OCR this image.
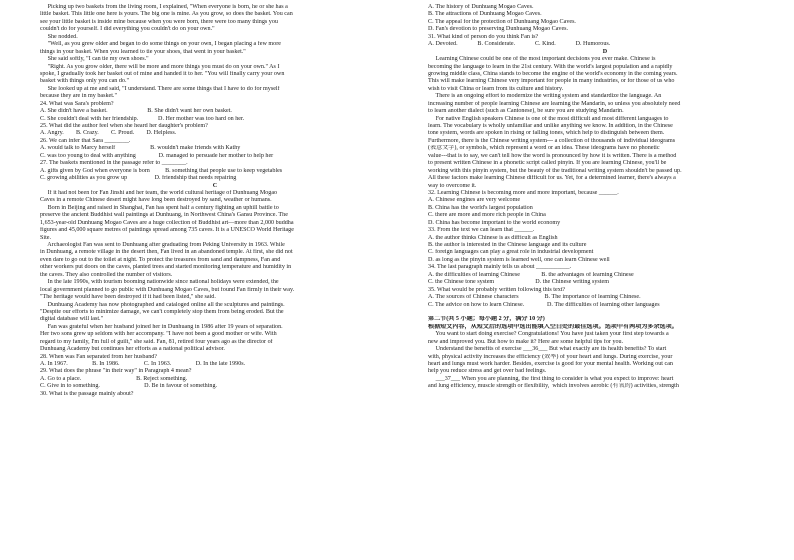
Picking up two baskets from the living room, I explained, "When everyone is born, he or she has a
little basket. This little one here is yours. The big one is mine. As you grow, so does the basket. You can
see your little basket is inside mine because when you were born, there were too many things you
couldn't do for yourself. I did everything you couldn't do on your own."
She nodded.
"Well, as you grew older and began to do some things on your own, I began placing a few more
things in your basket. When you learned to tie your shoes, that went in your basket."
She said softly, "I can tie my own shoes."
"Right. As you grow older, there will be more and more things you must do on your own." As I
spoke, I gradually took her basket out of mine and handed it to her. "You will finally carry your own
basket with things only you can do."
She looked up at me and said, "I understand. There are some things that I have to do for myself
because they are in my basket."
24. What was Sara's problem?
A. She didn't have a basket.                          B. She didn't want her own basket.
C. She couldn't deal with her friendship.             D. Her mother was too hard on her.
25. What did the author feel when she heard her daughter's problem?
A. Angry.        B. Crazy.        C. Proud.        D. Helpless.
26. We can infer that Sara ________.
A. would talk to Marcy herself                       B. wouldn't make friends with Kathy
C. was too young to deal with anything               D. managed to persuade her mother to help her
27. The baskets mentioned in the passage refer to ________.
A. gifts given by God when everyone is born          B. something that people use to keep vegetables
C. growing abilities as you grow up                  D. friendship that needs repairing
C
If it had not been for Fan Jinshi and her team, the world cultural heritage of Dunhuang Mogao
Caves in a remote Chinese desert might have long been destroyed by sand, weather or humans.
Born in Beijing and raised in Shanghai, Fan has spent half a century fighting an uphill battle to
preserve the ancient Buddhist wall paintings at Dunhuang, in Northwest China's Gansu Province. The
1,653-year-old Dunhuang Mogao Caves are a huge collection of Buddhist art—more than 2,000 buddha
figures and 45,000 square metres of paintings spread among 735 caves. It is a UNESCO World Heritage
Site.
Archaeologist Fan was sent to Dunhuang after graduating from Peking University in 1963. While
in Dunhuang, a remote village in the desert then, Fan lived in an abandoned temple. At first, she did not
even dare to go out to the toilet at night. To protect the treasures from sand and dampness, Fan and
other workers put doors on the caves, planted trees and started monitoring temperature and humidity in
the caves. They also controlled the number of visitors.
In the late 1990s, with tourism booming nationwide since national holidays were extended, the
local government planned to go public with Dunhuang Mogao Caves, but found Fan firmly in their way.
"The heritage would have been destroyed if it had been listed," she said.
Dunhuang Academy has now photographed and cataloged online all the sculptures and paintings.
"Despite our efforts to minimize damage, we can't completely stop them from being eroded. But the
digital database will last."
Fan was grateful when her husband joined her in Dunhuang in 1986 after 19 years of separation.
Her two sons grew up seldom with her accompany. "I have not been a good mother or wife. With
regard to my family, I'm full of guilt," she said. Fan, 81, retired four years ago as the director of
Dunhuang Academy but continues her efforts as a national political advisor.
28. When was Fan separated from her husband?
A. In 1967.                B. In 1986.                C. In 1963.                D. In the late 1990s.
29. What does the phrase "in their way" in Paragraph 4 mean?
A. Go to a place.                                    B. Reject something.
C. Give in to something.                             D. Be in favour of something.
30. What is the passage mainly about?
A. The history of Dunhuang Mogao Caves.
B. The attractions of Dunhuang Mogao Caves.
C. The appeal for the protection of Dunhuang Mogao Caves.
D. Fan's devotion to preserving Dunhuang Mogao Caves.
31. What kind of person do you think Fan is?
A. Devoted.             B. Considerate.             C. Kind.             D. Humorous.
D
Learning Chinese could be one of the most important decisions you ever make. Chinese is
becoming the language to learn in the 21st century. With the world's largest population and a rapidly
growing middle class, China stands to become the engine of the world's economy in the coming years.
This will make learning Chinese very important for people in many industries, or for those of us who
wish to visit China or learn from its culture and history.
There is an ongoing effort to modernize the writing system and standardize the language. An
increasing number of people learning Chinese are learning the Mandarin, so unless you absolutely need
to learn another dialect (such as Cantonese), be sure you are studying Mandarin.
For native English speakers Chinese is one of the most difficult and most different languages to
learn. The vocabulary is wholly unfamiliar and unlike anything we know. In addition, in the Chinese
tone system, words are spoken in rising or falling tones, which help to distinguish between them.
Furthermore, there is the Chinese writing system--- a collection of thousands of individual ideograms
(表意文字), or symbols, which represent a word or an idea. These ideograms have no phonetic
value---that is to say, we can't tell how the word is pronounced by how it is written. There is a method
to present written Chinese in a phonetic script called pinyin. If you are learning Chinese, you'll be
working with this pinyin system, but the beauty of the traditional writing system shouldn't be passed up.
All these factors make learning Chinese difficult for us. Yet, for a determined learner, there's always a
way to overcome it.
32. Learning Chinese is becoming more and more important, because ______.
A. Chinese engines are very welcome
B. China has the world's largest population
C. there are more and more rich people in China
D. China has become important to the world economy
33. From the text we can learn that ______.
A. the author thinks Chinese is as difficult as English
B. the author is interested in the Chinese language and its culture
C. foreign languages can play a great role in industrial development
D. as long as the pinyin system is learned well, one can learn Chinese well
34. The last paragraph mainly tells us about ___________.
A. the difficulties of learning Chinese              B. the advantages of learning Chinese
C. the Chinese tone system                           D. the Chinese writing system
35. What would be probably written following this text?
A. The sources of Chinese characters                 B. The importance of learning Chinese.
C. The advice on how to learn Chinese.               D. The difficulties of learning other languages
第二节(共 5 小题；每小题 2 分，满分 10 分)
根据短文内容，从短文后的选项中选出能填入空白处的最佳选项。选项中有两项为多余选项。
You want to start doing exercise? Congratulations! You have just taken your first step towards a
new and improved you. But how to make it? Here are some helpful tips for you.
Understand the benefits of exercise ___36___ But what exactly are its health benefits? To start
with, physical activity increases the efficiency (效率) of your heart and lungs. During exercise, your
heart and lungs must work harder. Besides, exercise is good for your mental health. Working out can
help you reduce stress and get over bad feelings.
___37___ When you are planning, the first thing to consider is what you expect to improve: heart
and lung efficiency, muscle strength or flexibility,  which involves aerobic (有氧的) activities, strength
